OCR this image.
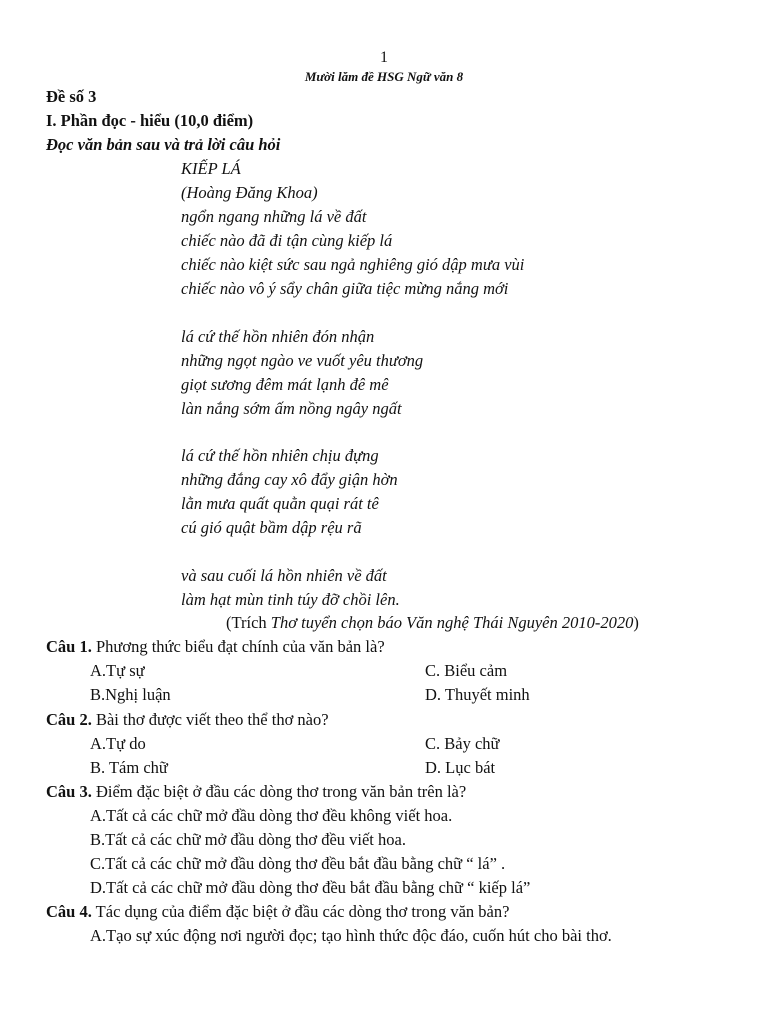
1
Mười lăm đề HSG Ngữ văn 8
Đề số 3
I. Phần đọc - hiểu (10,0 điểm)
Đọc văn bản sau và trả lời câu hỏi
KIẾP LÁ
(Hoàng Đăng Khoa)
ngổn ngang những lá về đất
chiếc nào đã đi tận cùng kiếp lá
chiếc nào kiệt sức sau ngả nghiêng gió dập mưa vùi
chiếc nào vô ý sẩy chân giữa tiệc mừng nắng mới
lá cứ thế hồn nhiên đón nhận
những ngọt ngào ve vuốt yêu thương
giọt sương đêm mát lạnh đê mê
làn nắng sớm ấm nồng ngây ngất
lá cứ thế hồn nhiên chịu đựng
những đắng cay xô đẩy giận hờn
lằn mưa quất quằn quại rát tê
cú gió quật bầm dập rệu rã
và sau cuối lá hồn nhiên về đất
làm hạt mùn tinh túy đỡ chồi lên.
(Trích Thơ tuyển chọn báo Văn nghệ Thái Nguyên 2010-2020)
Câu 1. Phương thức biểu đạt chính của văn bản là?
A.Tự sự	C. Biểu cảm
B.Nghị luận	D. Thuyết minh
Câu 2. Bài thơ được viết theo thể thơ nào?
A.Tự do	C. Bảy chữ
B. Tám chữ	D. Lục bát
Câu 3. Điểm đặc biệt ở đầu các dòng thơ trong văn bản trên là?
A.Tất cả các chữ mở đầu dòng thơ đều không viết hoa.
B.Tất cả các chữ mở đầu dòng thơ đều viết hoa.
C.Tất cả các chữ mở đầu dòng thơ đều bắt đầu bằng chữ “ lá” .
D.Tất cả các chữ mở đầu dòng thơ đều bắt đầu bằng chữ “ kiếp lá”
Câu 4. Tác dụng của điểm đặc biệt ở đầu các dòng thơ trong văn bản?
A.Tạo sự xúc động nơi người đọc; tạo hình thức độc đáo, cuốn hút cho bài thơ.
